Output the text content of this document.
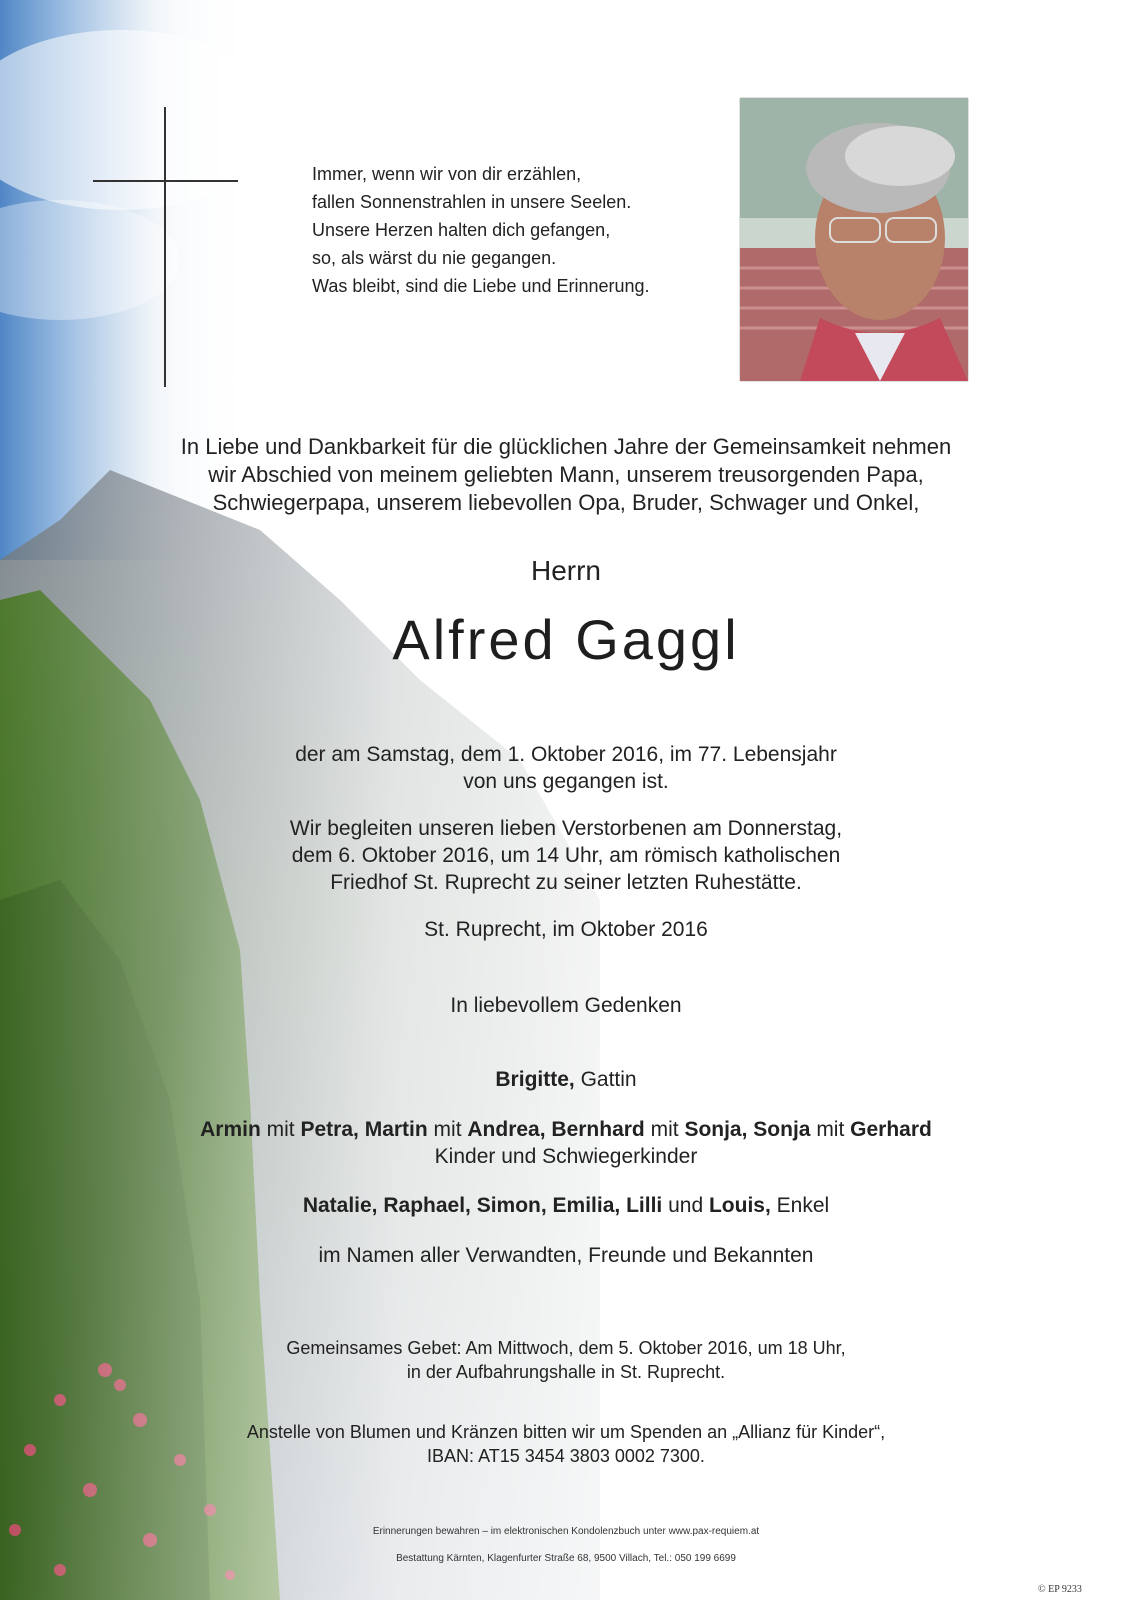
Immer, wenn wir von dir erzählen,
fallen Sonnenstrahlen in unsere Seelen.
Unsere Herzen halten dich gefangen,
so, als wärst du nie gegangen.
Was bleibt, sind die Liebe und Erinnerung.
In Liebe und Dankbarkeit für die glücklichen Jahre der Gemeinsamkeit nehmen
wir Abschied von meinem geliebten Mann, unserem treusorgenden Papa,
Schwiegerpapa, unserem liebevollen Opa, Bruder, Schwager und Onkel,
Herrn
Alfred Gaggl
der am Samstag, dem 1. Oktober 2016, im 77. Lebensjahr
von uns gegangen ist.
Wir begleiten unseren lieben Verstorbenen am Donnerstag,
dem 6. Oktober 2016, um 14 Uhr, am römisch katholischen
Friedhof St. Ruprecht zu seiner letzten Ruhestätte.
St. Ruprecht, im Oktober 2016
In liebevollem Gedenken
Brigitte, Gattin
Armin mit Petra, Martin mit Andrea, Bernhard mit Sonja, Sonja mit Gerhard
Kinder und Schwiegerkinder
Natalie, Raphael, Simon, Emilia, Lilli und Louis, Enkel
im Namen aller Verwandten, Freunde und Bekannten
Gemeinsames Gebet: Am Mittwoch, dem 5. Oktober 2016, um 18 Uhr,
in der Aufbahrungshalle in St. Ruprecht.
Anstelle von Blumen und Kränzen bitten wir um Spenden an „Allianz für Kinder“,
IBAN: AT15 3454 3803 0002 7300.
Erinnerungen bewahren – im elektronischen Kondolenzbuch unter www.pax-requiem.at
Bestattung Kärnten, Klagenfurter Straße 68, 9500 Villach, Tel.: 050 199 6699
© EP 9233
